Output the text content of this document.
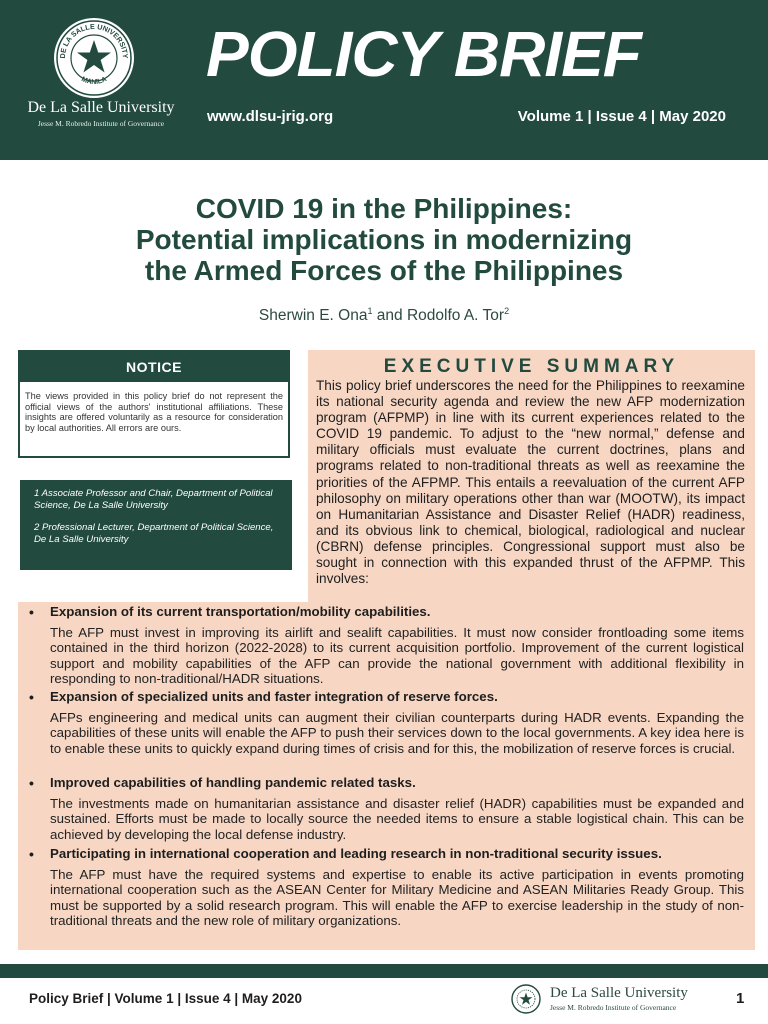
DE LA SALLE UNIVERSITY
MANILA
De La Salle University
Jesse M. Robredo Institute of Governance
POLICY BRIEF
www.dlsu-jrig.org	Volume 1 | Issue 4 | May 2020
COVID 19 in the Philippines:
Potential implications in modernizing
the Armed Forces of the Philippines
Sherwin E. Ona$^1$ and Rodolfo A. Tor$^2$
NOTICE
The views provided in this policy brief do not represent the official views of the authors' institutional affiliations. These insights are offered voluntarily as a resource for consideration by local authorities. All errors are ours.

1 Associate Professor and Chair, Department of Political Science, De La Salle University

2 Professional Lecturer, Department of Political Science, De La Salle University

EXECUTIVE SUMMARY

This policy brief underscores the need for the Philippines to reexamine its national security agenda and review the new AFP modernization program (AFPMP) in line with its current experiences related to the COVID 19 pandemic. To adjust to the “new normal,” defense and military officials must evaluate the current doctrines, plans and programs related to non-traditional threats as well as reexamine the priorities of the AFPMP. This entails a reevaluation of the current AFP philosophy on military operations other than war (MOOTW), its impact on Humanitarian Assistance and Disaster Relief (HADR) readiness, and its obvious link to chemical, biological, radiological and nuclear (CBRN) defense principles. Congressional support must also be sought in connection with this expanded thrust of the AFPMP. This involves:

• Expansion of its current transportation/mobility capabilities.
The AFP must invest in improving its airlift and sealift capabilities. It must now consider frontloading some items contained in the third horizon (2022-2028) to its current acquisition portfolio. Improvement of the current logistical support and mobility capabilities of the AFP can provide the national government with additional flexibility in responding to non-traditional/HADR situations.
• Expansion of specialized units and faster integration of reserve forces.
AFPs engineering and medical units can augment their civilian counterparts during HADR events. Expanding the capabilities of these units will enable the AFP to push their services down to the local governments. A key idea here is to enable these units to quickly expand during times of crisis and for this, the mobilization of reserve forces is crucial.
• Improved capabilities of handling pandemic related tasks.
The investments made on humanitarian assistance and disaster relief (HADR) capabilities must be expanded and sustained. Efforts must be made to locally source the needed items to ensure a stable logistical chain. This can be achieved by developing the local defense industry.
• Participating in international cooperation and leading research in non-traditional security issues.
The AFP must have the required systems and expertise to enable its active participation in events promoting international cooperation such as the ASEAN Center for Military Medicine and ASEAN Militaries Ready Group. This must be supported by a solid research program. This will enable the AFP to exercise leadership in the study of non-traditional threats and the new role of military organizations.
Policy Brief | Volume 1 | Issue 4 | May 2020	De La Salle University
Jesse M. Robredo Institute of Governance
1
